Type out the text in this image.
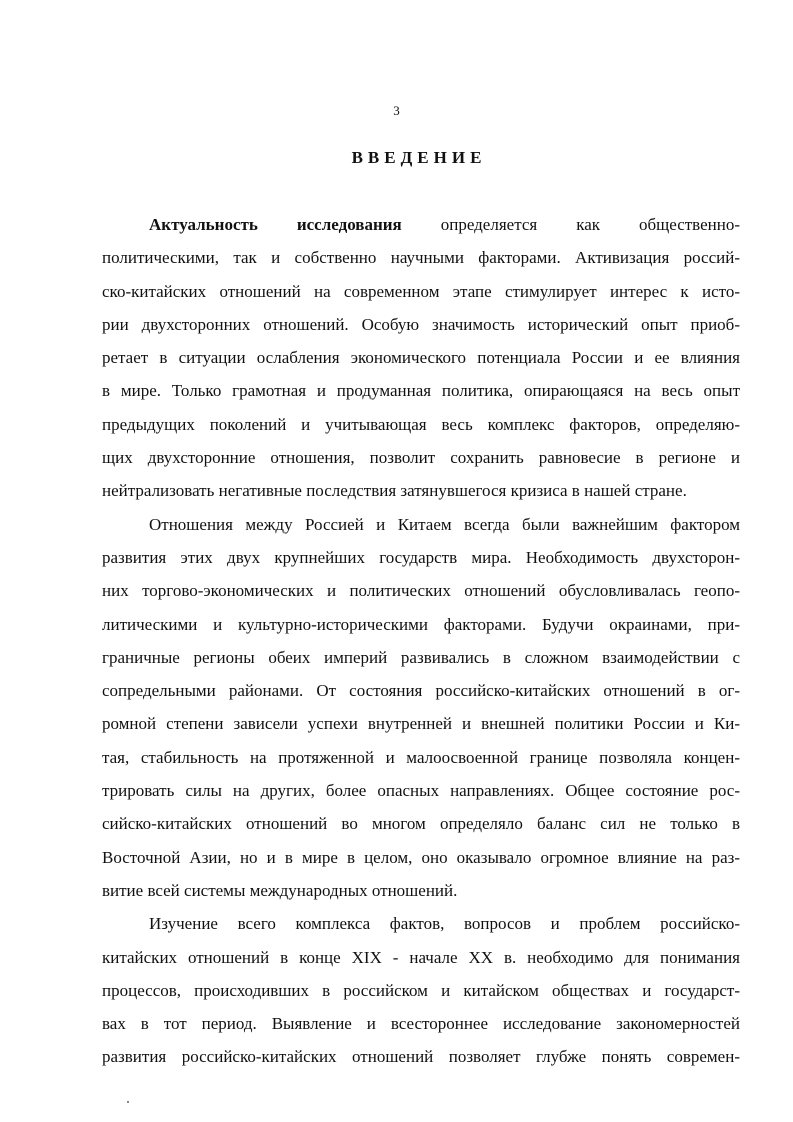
3
ВВЕДЕНИЕ
Актуальность исследования определяется как общественно-
политическими, так и собственно научными факторами. Активизация россий-
ско-китайских отношений на современном этапе стимулирует интерес к исто-
рии двухсторонних отношений. Особую значимость исторический опыт приоб-
ретает в ситуации ослабления экономического потенциала России и ее влияния
в мире. Только грамотная и продуманная политика, опирающаяся на весь опыт
предыдущих поколений и учитывающая весь комплекс факторов, определяю-
щих двухсторонние отношения, позволит сохранить равновесие в регионе и
нейтрализовать негативные последствия затянувшегося кризиса в нашей стране.
Отношения между Россией и Китаем всегда были важнейшим фактором
развития этих двух крупнейших государств мира. Необходимость двухсторон-
них торгово-экономических и политических отношений обусловливалась геопо-
литическими и культурно-историческими факторами. Будучи окраинами, при-
граничные регионы обеих империй развивались в сложном взаимодействии с
сопредельными районами. От состояния российско-китайских отношений в ог-
ромной степени зависели успехи внутренней и внешней политики России и Ки-
тая, стабильность на протяженной и малоосвоенной границе позволяла концен-
трировать силы на других, более опасных направлениях. Общее состояние рос-
сийско-китайских отношений во многом определяло баланс сил не только в
Восточной Азии, но и в мире в целом, оно оказывало огромное влияние на раз-
витие всей системы международных отношений.
Изучение всего комплекса фактов, вопросов и проблем российско-
китайских отношений в конце XIX - начале XX в. необходимо для понимания
процессов, происходивших в российском и китайском обществах и государст-
вах в тот период. Выявление и всестороннее исследование закономерностей
развития российско-китайских отношений позволяет глубже понять современ-
